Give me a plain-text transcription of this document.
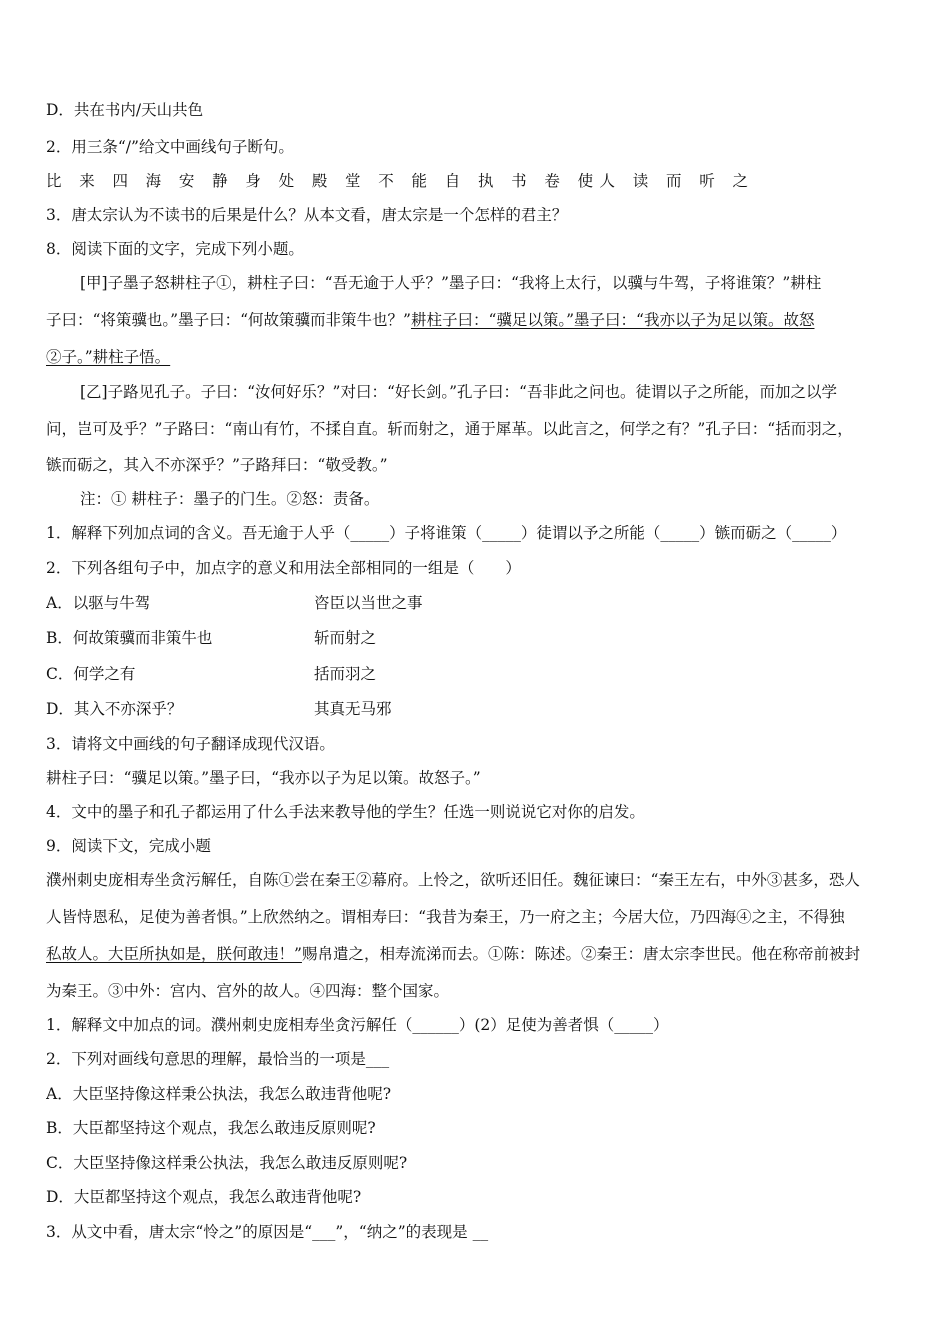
D．共在书内/天山共色
2．用三条“/”给文中画线句子断句。
比 来 四 海 安 静 身 处 殿 堂 不 能 自 执 书 卷 使人 读 而 听 之
3．唐太宗认为不读书的后果是什么？从本文看，唐太宗是一个怎样的君主？
8．阅读下面的文字，完成下列小题。
[甲]子墨子怒耕柱子①，耕柱子曰：“吾无逾于人乎？”墨子曰：“我将上太行，以骥与牛驾，子将谁策？”耕柱
子曰：“将策骥也。”墨子曰：“何故策骥而非策牛也？”耕柱子曰：“骥足以策。”墨子曰：“我亦以子为足以策。故怒
②子。”耕柱子悟。
[乙]子路见孔子。子曰：“汝何好乐？”对曰：“好长剑。”孔子曰：“吾非此之问也。徒谓以子之所能，而加之以学
问，岂可及乎？”子路曰：“南山有竹，不揉自直。斩而射之，通于犀革。以此言之，何学之有？”孔子曰：“括而羽之，
镞而砺之，其入不亦深乎？”子路拜曰：“敬受教。”
注：① 耕柱子：墨子的门生。②怒：责备。
1．解释下列加点词的含义。吾无逾于人乎（_____）子将谁策（_____）徒谓以予之所能（_____）镞而砺之（_____）
2．下列各组句子中，加点字的意义和用法全部相同的一组是（　　）
A．以驱与牛驾	咨臣以当世之事
B．何故策骥而非策牛也	斩而射之
C．何学之有	括而羽之
D．其入不亦深乎？	其真无马邪
3．请将文中画线的句子翻译成现代汉语。
耕柱子曰：“骥足以策。”墨子曰，“我亦以子为足以策。故怒子。”
4．文中的墨子和孔子都运用了什么手法来教导他的学生？任选一则说说它对你的启发。
9．阅读下文，完成小题
濮州刺史庞相寿坐贪污解任，自陈①尝在秦王②幕府。上怜之，欲听还旧任。魏征谏曰：“秦王左右，中外③甚多，恐人
人皆恃恩私，足使为善者惧。”上欣然纳之。谓相寿曰：“我昔为秦王，乃一府之主；今居大位，乃四海④之主，不得独
私故人。大臣所执如是，朕何敢违！”赐帛遣之，相寿流涕而去。①陈：陈述。②秦王：唐太宗李世民。他在称帝前被封
为秦王。③中外：宫内、宫外的故人。④四海：整个国家。
1．解释文中加点的词。濮州刺史庞相寿坐贪污解任（______）(2）足使为善者惧（_____）
2．下列对画线句意思的理解，最恰当的一项是___
A．大臣坚持像这样秉公执法，我怎么敢违背他呢?
B．大臣都坚持这个观点，我怎么敢违反原则呢?
C．大臣坚持像这样秉公执法，我怎么敢违反原则呢?
D．大臣都坚持这个观点，我怎么敢违背他呢?
3．从文中看，唐太宗“怜之”的原因是“___”，“纳之”的表现是 __
